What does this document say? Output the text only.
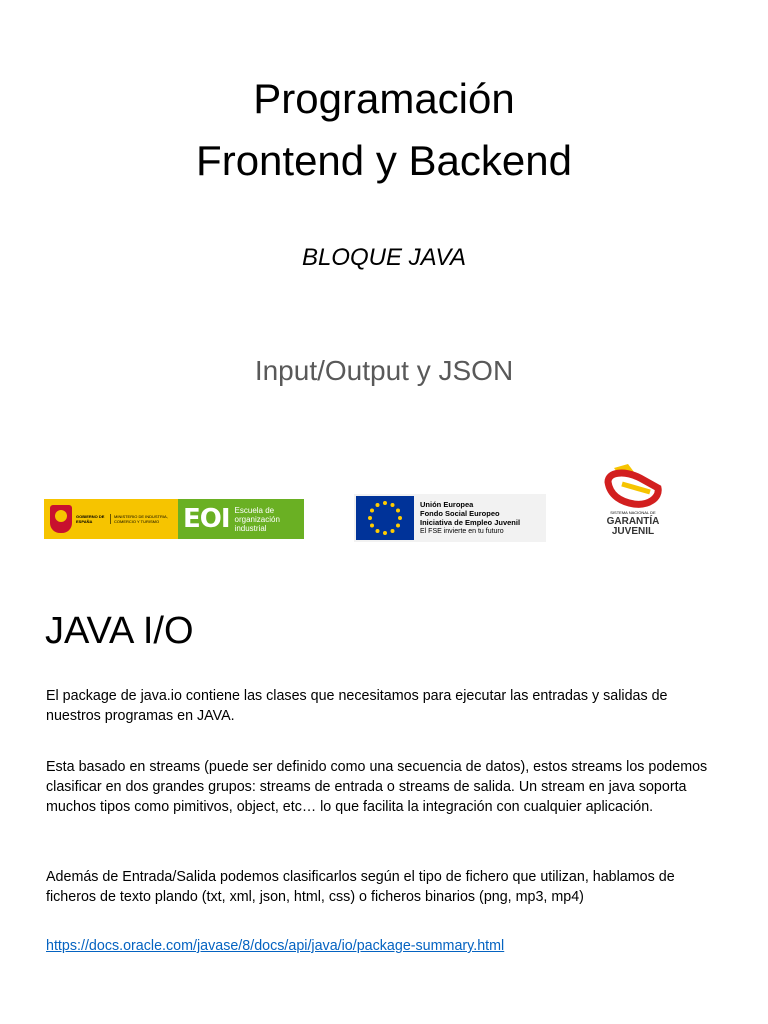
Programación
Frontend y Backend
BLOQUE JAVA
Input/Output y JSON
GOBIERNO DE ESPAÑA
MINISTERIO DE INDUSTRIA, COMERCIO Y TURISMO EOI Escuela de organización industrial
Unión Europea
Fondo Social Europeo
Iniciativa de Empleo Juvenil
El FSE invierte en tu futuro
SISTEMA NACIONAL DE
GARANTÍA
JUVENIL
JAVA I/O
El package de java.io contiene las clases que necesitamos para ejecutar las entradas y salidas de nuestros programas en JAVA.
Esta basado en streams (puede ser definido como una secuencia de datos), estos streams los podemos clasificar en dos grandes grupos: streams de entrada o streams de salida. Un stream en java soporta muchos tipos como pimitivos, object, etc… lo que facilita la integración con cualquier aplicación.
Además de Entrada/Salida podemos clasificarlos según el tipo de fichero que utilizan, hablamos de ficheros de texto plando (txt, xml, json, html, css) o ficheros binarios (png, mp3, mp4)
https://docs.oracle.com/javase/8/docs/api/java/io/package-summary.html
